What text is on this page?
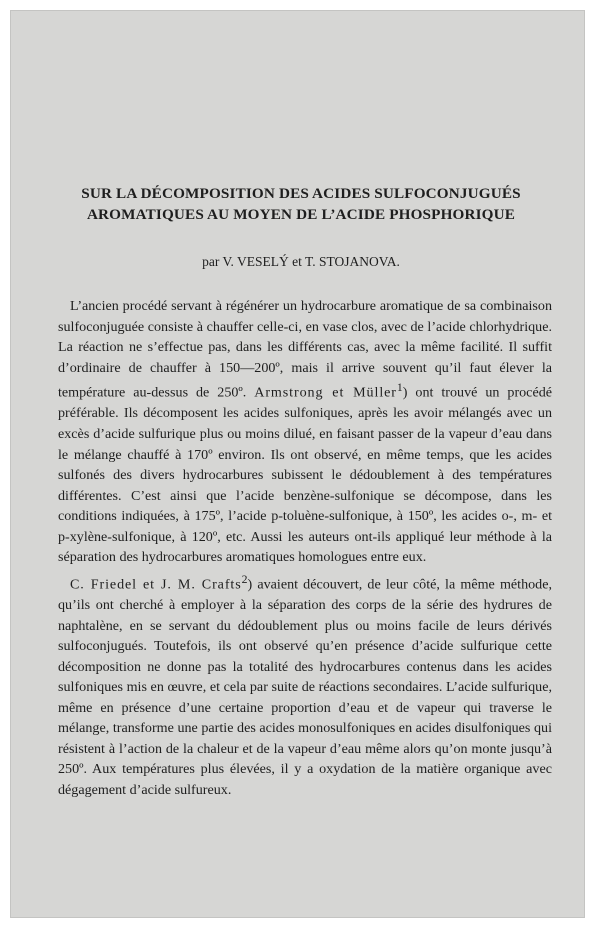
SUR LA DÉCOMPOSITION DES ACIDES SULFOCONJUGUÉS

AROMATIQUES AU MOYEN DE L’ACIDE PHOSPHORIQUE

par V. VESELÝ et T. STOJANOVA.

L’ancien procédé servant à régénérer un hydrocarbure aromatique de sa combinaison sulfoconjuguée consiste à chauffer celle-ci, en vase clos, avec de l’acide chlorhydrique. La réaction ne s’effectue pas, dans les différents cas, avec la même facilité. Il suffit d’ordinaire de chauffer à 150—200º, mais il arrive souvent qu’il faut élever la température au-dessus de 250º. Armstrong et Müller$^1$) ont trouvé un procédé préférable. Ils décomposent les acides sulfoniques, après les avoir mélangés avec un excès d’acide sulfurique plus ou moins dilué, en faisant passer de la vapeur d’eau dans le mélange chauffé à 170º environ. Ils ont observé, en même temps, que les acides sulfonés des divers hydrocarbures subissent le dédoublement à des températures différentes. C’est ainsi que l’acide benzène-sulfonique se décompose, dans les conditions indiquées, à 175º, l’acide p-toluène-sulfonique, à 150º, les acides o-, m- et p-xylène-sulfonique, à 120º, etc. Aussi les auteurs ont-ils appliqué leur méthode à la séparation des hydrocarbures aromatiques homologues entre eux.

C. Friedel et J. M. Crafts$^2$) avaient découvert, de leur côté, la même méthode, qu’ils ont cherché à employer à la séparation des corps de la série des hydrures de naphtalène, en se servant du dédoublement plus ou moins facile de leurs dérivés sulfoconjugués. Toutefois, ils ont observé qu’en présence d’acide sulfurique cette décomposition ne donne pas la totalité des hydrocarbures contenus dans les acides sulfoniques mis en œuvre, et cela par suite de réactions secondaires. L’acide sulfurique, même en présence d’une certaine proportion d’eau et de vapeur qui traverse le mélange, transforme une partie des acides monosulfoniques en acides disulfoniques qui résistent à l’action de la chaleur et de la vapeur d’eau même alors qu’on monte jusqu’à 250º. Aux températures plus élevées, il y a oxydation de la matière organique avec dégagement d’acide sulfureux.
